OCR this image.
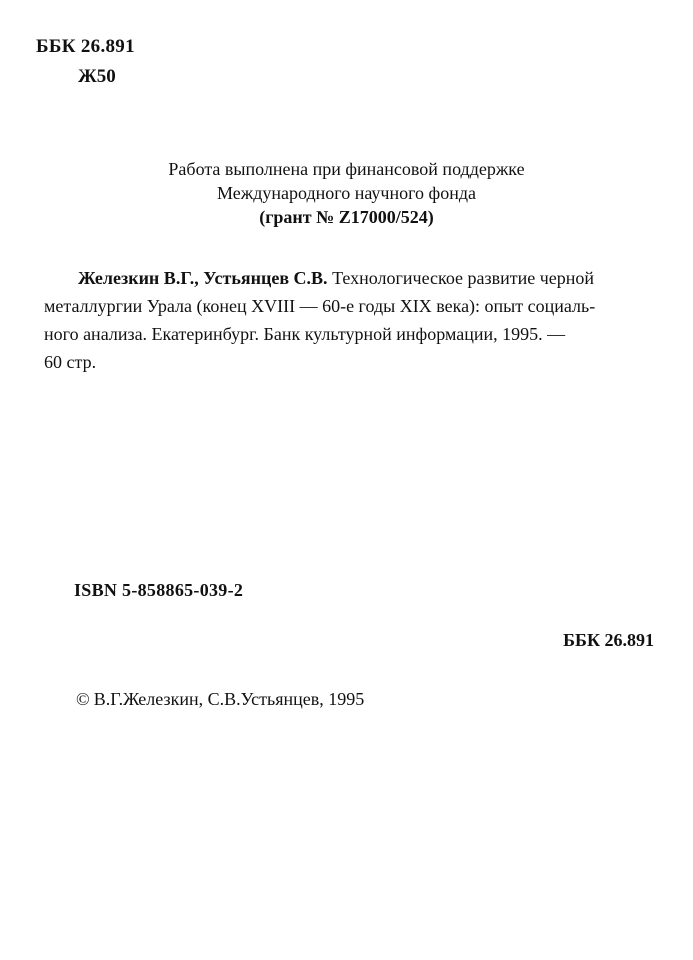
ББК 26.891
Ж50
Работа выполнена при финансовой поддержке
Международного научного фонда
(грант № Z17000/524)
Железкин В.Г., Устьянцев С.В. Технологическое развитие черной
металлургии Урала (конец XVIII — 60-е годы XIX века): опыт социаль-
ного анализа. Екатеринбург. Банк культурной информации, 1995. —
60 стр.
ISBN 5-858865-039-2
ББК 26.891
© В.Г.Железкин, С.В.Устьянцев, 1995
